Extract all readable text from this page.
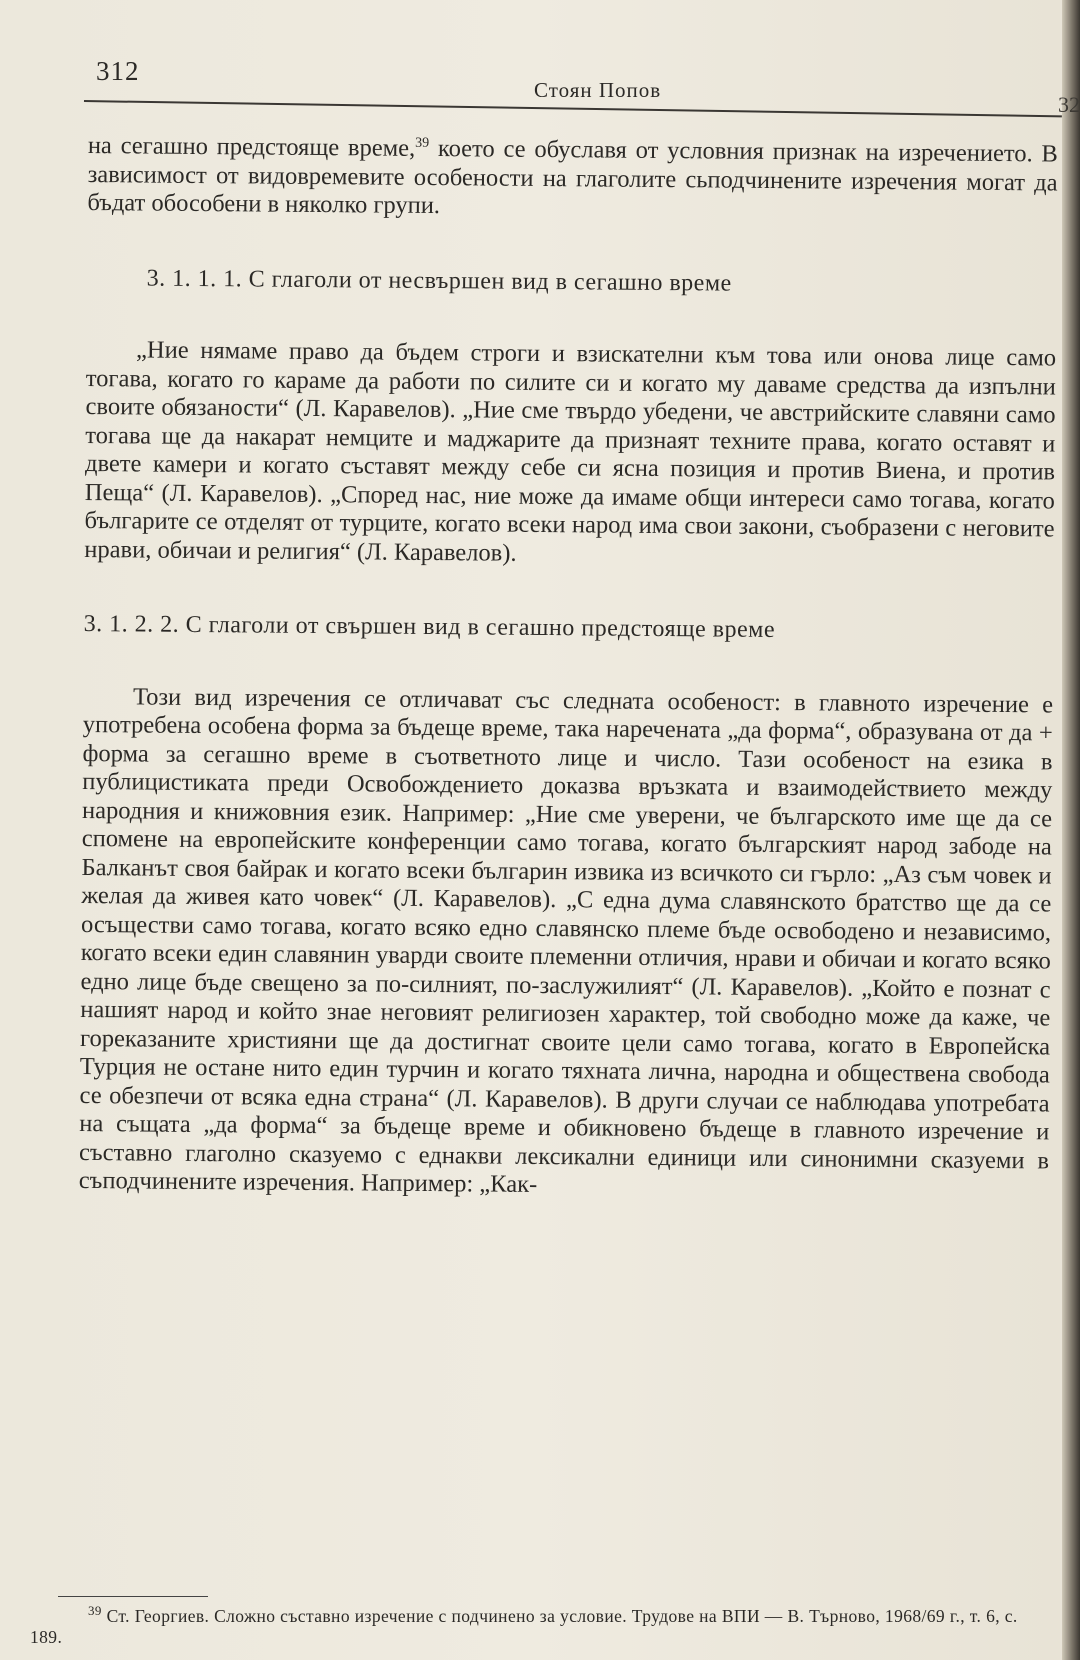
312
Стоян Попов

на сегашно предстояще време,$^{39}$ което се обуславя от условния признак на изречението. В зависимост от видовремевите особености на глаголите сьподчинените изречения могат да бъдат обособени в няколко групи.

3. 1. 1. 1. С глаголи от несвършен вид в сегашно време

„Ние нямаме право да бъдем строги и взискателни към товa или онова лице само тогава, когато го караме да работи по силите си и когато му даваме средства да изпълни своите обязаности“ (Л. Каравелов). „Ние сме твърдо убедени, че австрийските славяни само тогава ще да накарат немците и маджарите да признаят техните права, когато оставят и двете камери и когато съставят между себе си ясна позиция и против Виена, и против Пеща“ (Л. Каравелов). „Според нас, ние може да имаме общи интереси само тогава, когато българите се отделят от турците, когато всеки народ има свои закони, съобразени с неговите нрави, обичаи и религия“ (Л. Каравелов).

3. 1. 2. 2. С глаголи от свършен вид в сегашно предстояще време

Този вид изречения се отличават със следната особеност: в главното изречение е употребена особена форма за бъдеще време, така наречената „да форма“, образувана от да + форма за сегашно време в съответното лице и число. Тази особеност на езика в публицистиката преди Освобождението доказва връзката и взаимодействието между народния и книжовния език. Например: „Ние сме уверени, че българското име ще да се спомене на европейските конференции само тогава, когато българският народ забоде на Балканът своя байрак и когато всеки българин извика из всичкото си гърло: „Аз съм човек и желая да живея като човек“ (Л. Каравелов). „С една дума славянското братство ще да се осъществи само тогава, когато всяко едно славянско племе бъде освободено и независимо, когато всеки един славянин уварди своите племенни отличия, нрави и обичаи и когато всяко едно лице бъде свещено за по-силният, по-заслужилият“ (Л. Каравелов). „Който е познат с нашият народ и който знае неговият религиозен характер, той свободно може да каже, че горeказаните християни ще да достигнат своите цели само тогава, когато в Европейска Турция не остане нито един турчин и когато тяхната лична, народна и обществена свобода се обезпечи от всяка една страна“ (Л. Каравелов). В други случаи се наблюдава употребата на същата „да форма“ за бъдеще време и обикновено бъдеще в главното изречение и съставно глаголно сказуемо с еднакви лексикални единици или синонимни сказуеми в съподчинените изречения. Например: „Как-

$^{39}$ Ст. Георгиев. Сложно съставно изречение с подчинено за условие. Трудове на ВПИ — В. Търново, 1968/69 г., т. 6, с. 189.
32
